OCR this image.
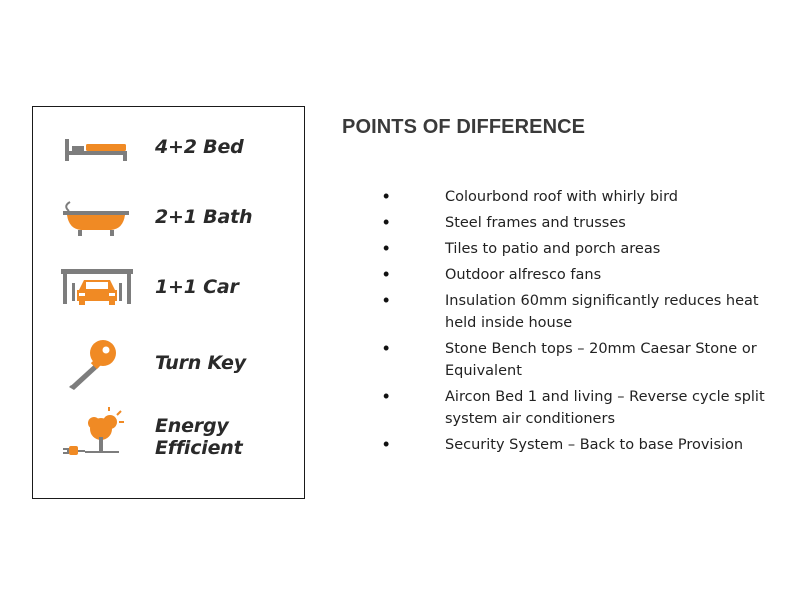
4+2 Bed
2+1 Bath
1+1 Car
Turn Key
Energy
Efficient
POINTS OF DIFFERENCE
•	Colourbond roof with whirly bird
•	Steel frames and trusses
•	Tiles to patio and porch areas
•	Outdoor alfresco fans
•	Insulation 60mm significantly reduces heat
held inside house
•	Stone Bench tops – 20mm Caesar Stone or
Equivalent
•	Aircon Bed 1 and living – Reverse cycle split
system air conditioners
•	Security System – Back to base Provision
